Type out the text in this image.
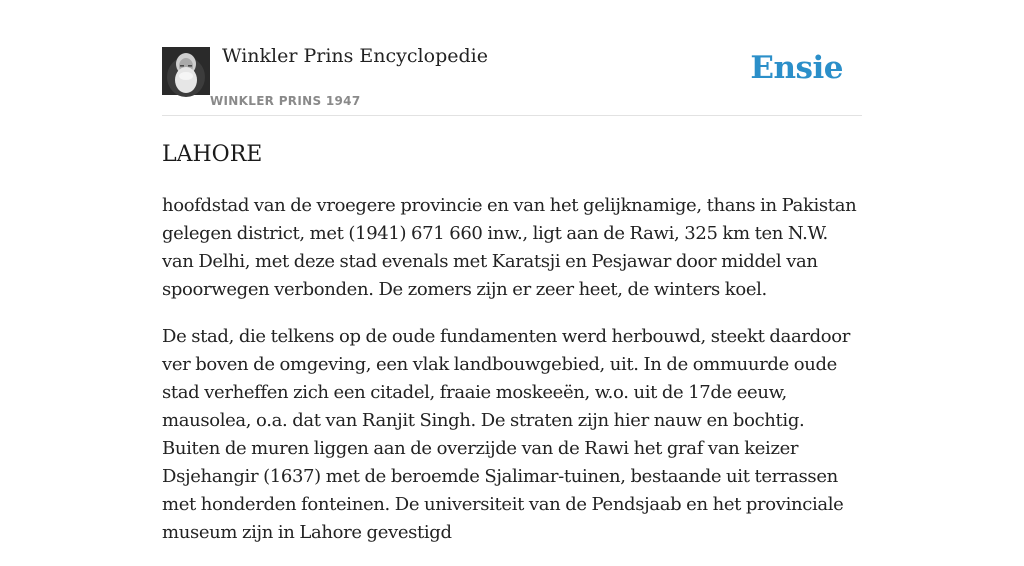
Winkler Prins Encyclopedie
WINKLER PRINS 1947
Ensie
LAHORE

hoofdstad van de vroegere provincie en van het gelijknamige, thans in Pakistan gelegen district, met (1941) 671 660 inw., ligt aan de Rawi, 325 km ten N.W. van Delhi, met deze stad evenals met Karatsji en Pesjawar door middel van spoorwegen verbonden. De zomers zijn er zeer heet, de winters koel.

De stad, die telkens op de oude fundamenten werd herbouwd, steekt daardoor ver boven de omgeving, een vlak landbouwgebied, uit. In de ommuurde oude stad verheffen zich een citadel, fraaie moskeeën, w.o. uit de 17de eeuw, mausolea, o.a. dat van Ranjit Singh. De straten zijn hier nauw en bochtig. Buiten de muren liggen aan de overzijde van de Rawi het graf van keizer Dsjehangir (1637) met de beroemde Sjalimar-tuinen, bestaande uit terrassen met honderden fonteinen. De universiteit van de Pendsjaab en het provinciale museum zijn in Lahore gevestigd
